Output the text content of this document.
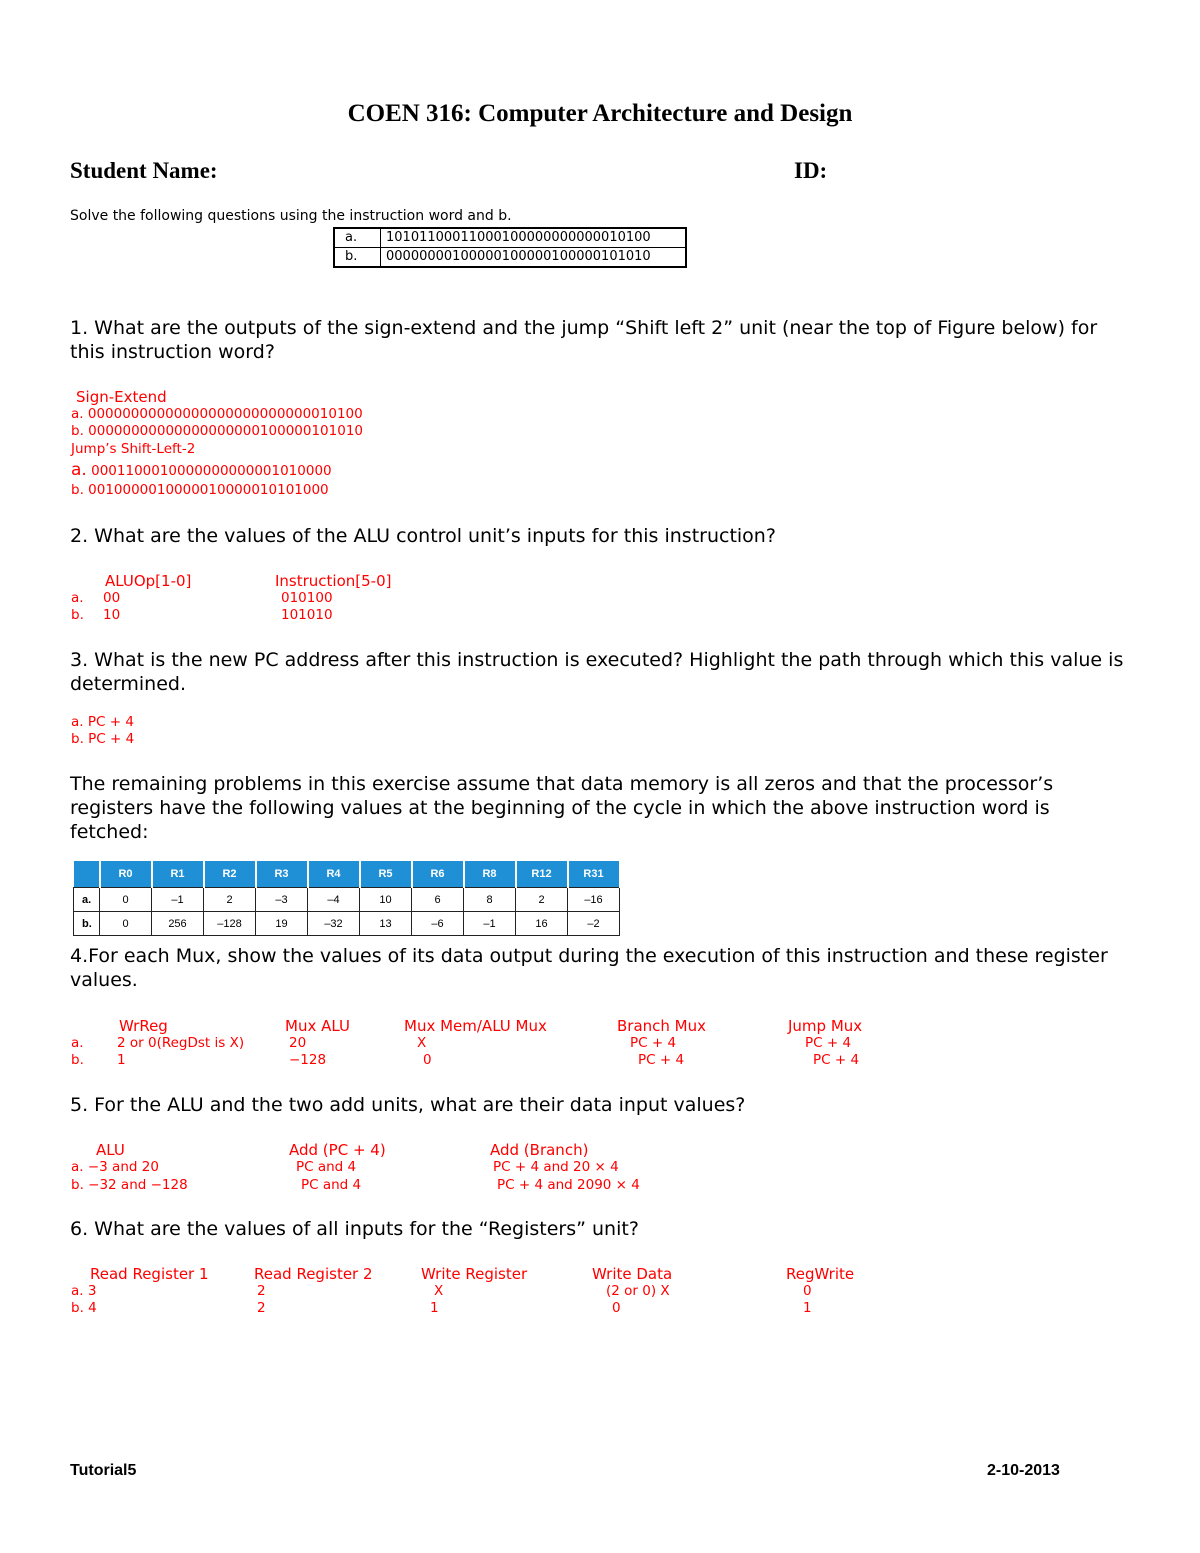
COEN 316: Computer Architecture and Design
Student Name:	ID:
Solve the following questions using the instruction word and b.
a.	10101100011000100000000000010100
b.	00000000100000100000100000101010
1. What are the outputs of the sign-extend and the jump “Shift left 2” unit (near the top of Figure below) for this instruction word?
Sign-Extend
a. 00000000000000000000000000010100
b. 00000000000000000000100000101010
Jump’s Shift-Left-2
a. 0001100010000000000001010000
b. 0010000010000010000010101000
2. What are the values of the ALU control unit’s inputs for this instruction?
ALUOp[1-0]	Instruction[5-0]
a. 00	010100
b. 10	101010
3. What is the new PC address after this instruction is executed? Highlight the path through which this value is determined.
a. PC + 4
b. PC + 4
The remaining problems in this exercise assume that data memory is all zeros and that the processor’s registers have the following values at the beginning of the cycle in which the above instruction word is fetched:
	R0	R1	R2	R3	R4	R5	R6	R8	R12	R31
a.	0	–1	2	–3	–4	10	6	8	2	–16
b.	0	256	–128	19	–32	13	–6	–1	16	–2
4.For each Mux, show the values of its data output during the execution of this instruction and these register values.
WrReg	Mux ALU	Mux Mem/ALU Mux	Branch Mux	Jump Mux
a. 2 or 0(RegDst is X)	20	X	PC + 4	PC + 4
b. 1	−128	0	PC + 4	PC + 4
5. For the ALU and the two add units, what are their data input values?
ALU	Add (PC + 4)	Add (Branch)
a. −3 and 20	PC and 4	PC + 4 and 20 × 4
b. −32 and −128	PC and 4	PC + 4 and 2090 × 4
6. What are the values of all inputs for the “Registers” unit?
Read Register 1	Read Register 2	Write Register	Write Data	RegWrite
a. 3	2	X	(2 or 0) X	0
b. 4	2	1	0	1
Tutorial5	2-10-2013
